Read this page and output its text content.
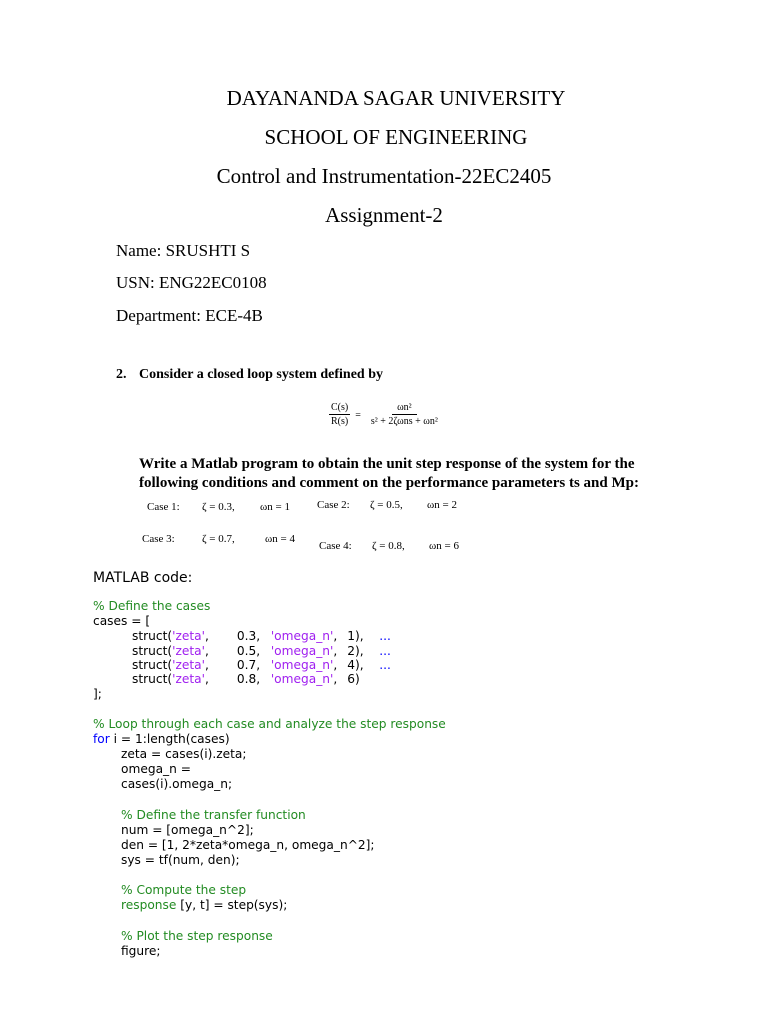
DAYANANDA SAGAR UNIVERSITY
SCHOOL OF ENGINEERING
Control and Instrumentation-22EC2405
Assignment-2
Name: SRUSHTI S
USN: ENG22EC0108
Department: ECE-4B
2. Consider a closed loop system defined by
$\frac{C(s)}{R(s)} = \frac{\text{ωn²}}{\text{s² + 2ζωns + ωn²}}$
Write a Matlab program to obtain the unit step response of the system for the following conditions and comment on the performance parameters ts and Mp:
Case 1: ζ = 0.3, ωn = 1 Case 2: ζ = 0.5, ωn = 2
Case 3: ζ = 0.7,	ωn = 4
Case 4: ζ = 0.8, ωn = 6
MATLAB code:
% Define the cases
cases = [
struct('zeta', 0.3, 'omega_n', 1), ...
struct('zeta', 0.5, 'omega_n', 2), ...
struct('zeta', 0.7, 'omega_n', 4), ...
struct('zeta', 0.8, 'omega_n', 6)
];
% Loop through each case and analyze the step response
for i = 1:length(cases)
zeta = cases(i).zeta;
omega_n =
cases(i).omega_n;
% Define the transfer function
num = [omega_n^2];
den = [1, 2*zeta*omega_n, omega_n^2];
sys = tf(num, den);
% Compute the step
response [y, t] = step(sys);
% Plot the step response
figure;
